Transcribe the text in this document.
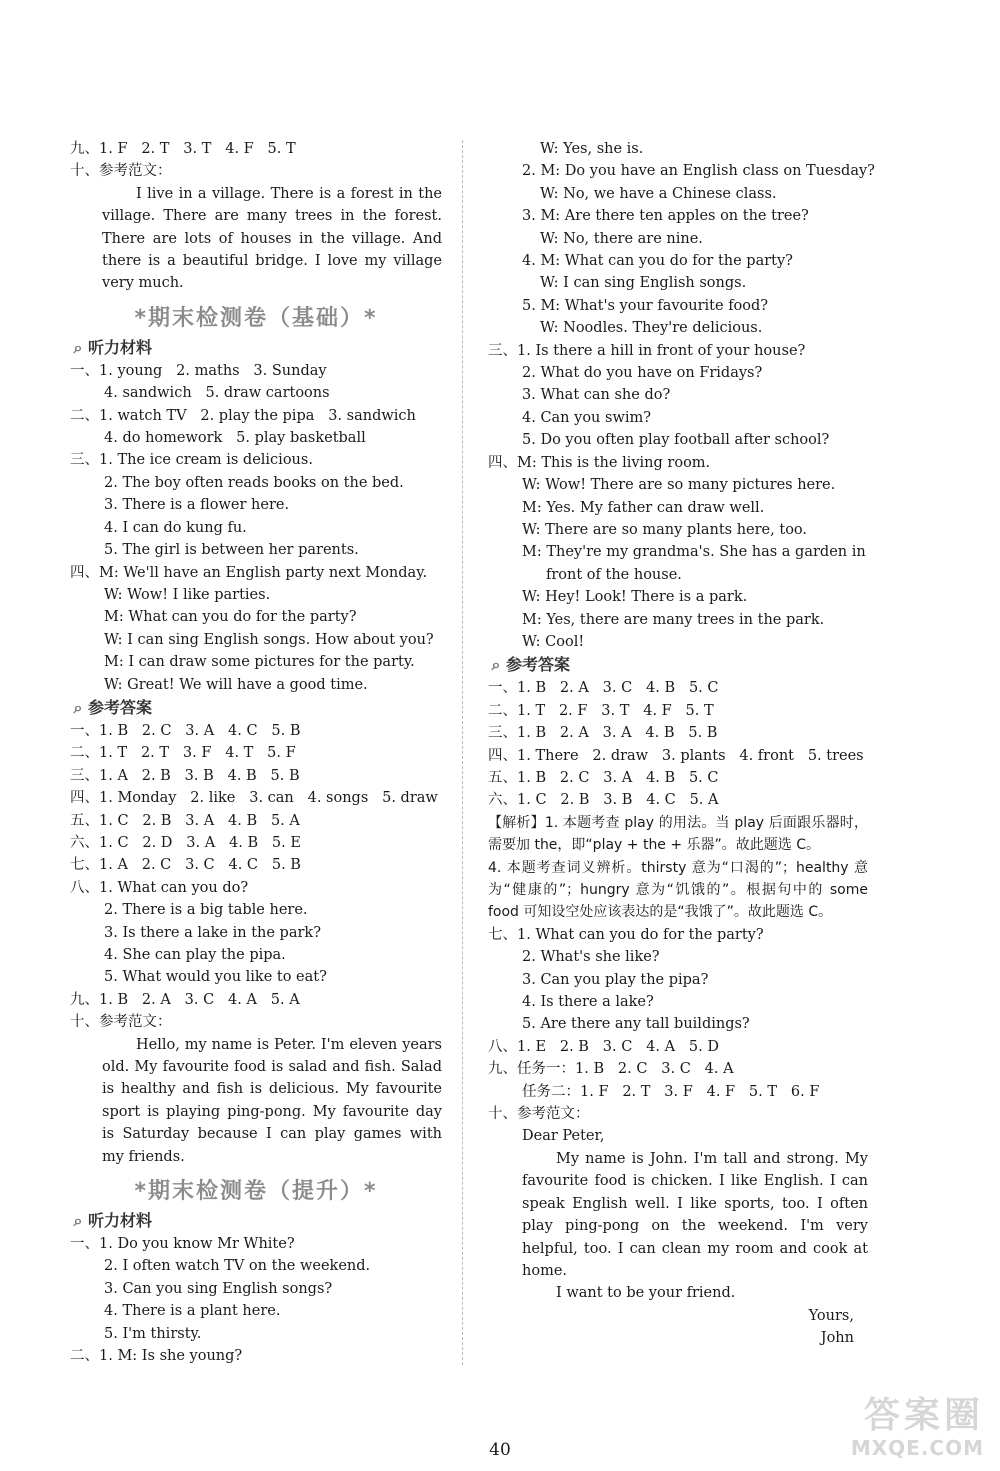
九、1. F   2. T   3. T   4. F   5. T
十、参考范文：
I live in a village. There is a forest in the village. There are many trees in the forest. There are lots of houses in the village. And there is a beautiful bridge. I love my village very much.
*期末检测卷（基础）*
⌕ 听力材料
一、1. young   2. maths   3. Sunday
4. sandwich   5. draw cartoons
二、1. watch TV   2. play the pipa   3. sandwich
4. do homework   5. play basketball
三、1. The ice cream is delicious.
2. The boy often reads books on the bed.
3. There is a flower here.
4. I can do kung fu.
5. The girl is between her parents.
四、M: We'll have an English party next Monday.
W: Wow! I like parties.
M: What can you do for the party?
W: I can sing English songs. How about you?
M: I can draw some pictures for the party.
W: Great! We will have a good time.
⌕ 参考答案
一、1. B   2. C   3. A   4. C   5. B
二、1. T   2. T   3. F   4. T   5. F
三、1. A   2. B   3. B   4. B   5. B
四、1. Monday   2. like   3. can   4. songs   5. draw
五、1. C   2. B   3. A   4. B   5. A
六、1. C   2. D   3. A   4. B   5. E
七、1. A   2. C   3. C   4. C   5. B
八、1. What can you do?
2. There is a big table here.
3. Is there a lake in the park?
4. She can play the pipa.
5. What would you like to eat?
九、1. B   2. A   3. C   4. A   5. A
十、参考范文：
Hello, my name is Peter. I'm eleven years old. My favourite food is salad and fish. Salad is healthy and fish is delicious. My favourite sport is playing ping-pong. My favourite day is Saturday because I can play games with my friends.
*期末检测卷（提升）*
⌕ 听力材料
一、1. Do you know Mr White?
2. I often watch TV on the weekend.
3. Can you sing English songs?
4. There is a plant here.
5. I'm thirsty.
二、1. M: Is she young?
W: Yes, she is.
2. M: Do you have an English class on Tuesday?
W: No, we have a Chinese class.
3. M: Are there ten apples on the tree?
W: No, there are nine.
4. M: What can you do for the party?
W: I can sing English songs.
5. M: What's your favourite food?
W: Noodles. They're delicious.
三、1. Is there a hill in front of your house?
2. What do you have on Fridays?
3. What can she do?
4. Can you swim?
5. Do you often play football after school?
四、M: This is the living room.
W: Wow! There are so many pictures here.
M: Yes. My father can draw well.
W: There are so many plants here, too.
M: They're my grandma's. She has a garden in
front of the house.
W: Hey! Look! There is a park.
M: Yes, there are many trees in the park.
W: Cool!
⌕ 参考答案
一、1. B   2. A   3. C   4. B   5. C
二、1. T   2. F   3. T   4. F   5. T
三、1. B   2. A   3. A   4. B   5. B
四、1. There   2. draw   3. plants   4. front   5. trees
五、1. B   2. C   3. A   4. B   5. C
六、1. C   2. B   3. B   4. C   5. A
【解析】1. 本题考查 play 的用法。当 play 后面跟乐器时，需要加 the，即“play + the + 乐器”。故此题选 C。
4. 本题考查词义辨析。thirsty 意为“口渴的”；healthy 意为“健康的”；hungry 意为“饥饿的”。根据句中的 some food 可知设空处应该表达的是“我饿了”。故此题选 C。
七、1. What can you do for the party?
2. What's she like?
3. Can you play the pipa?
4. Is there a lake?
5. Are there any tall buildings?
八、1. E   2. B   3. C   4. A   5. D
九、任务一：1. B   2. C   3. C   4. A
任务二：1. F   2. T   3. F   4. F   5. T   6. F
十、参考范文：
Dear Peter,
My name is John. I'm tall and strong. My favourite food is chicken. I like English. I can speak English well. I like sports, too. I often play ping-pong on the weekend. I'm very helpful, too. I can clean my room and cook at home.
I want to be your friend.
Yours,
John
40
答案圈
MXQE.COM
